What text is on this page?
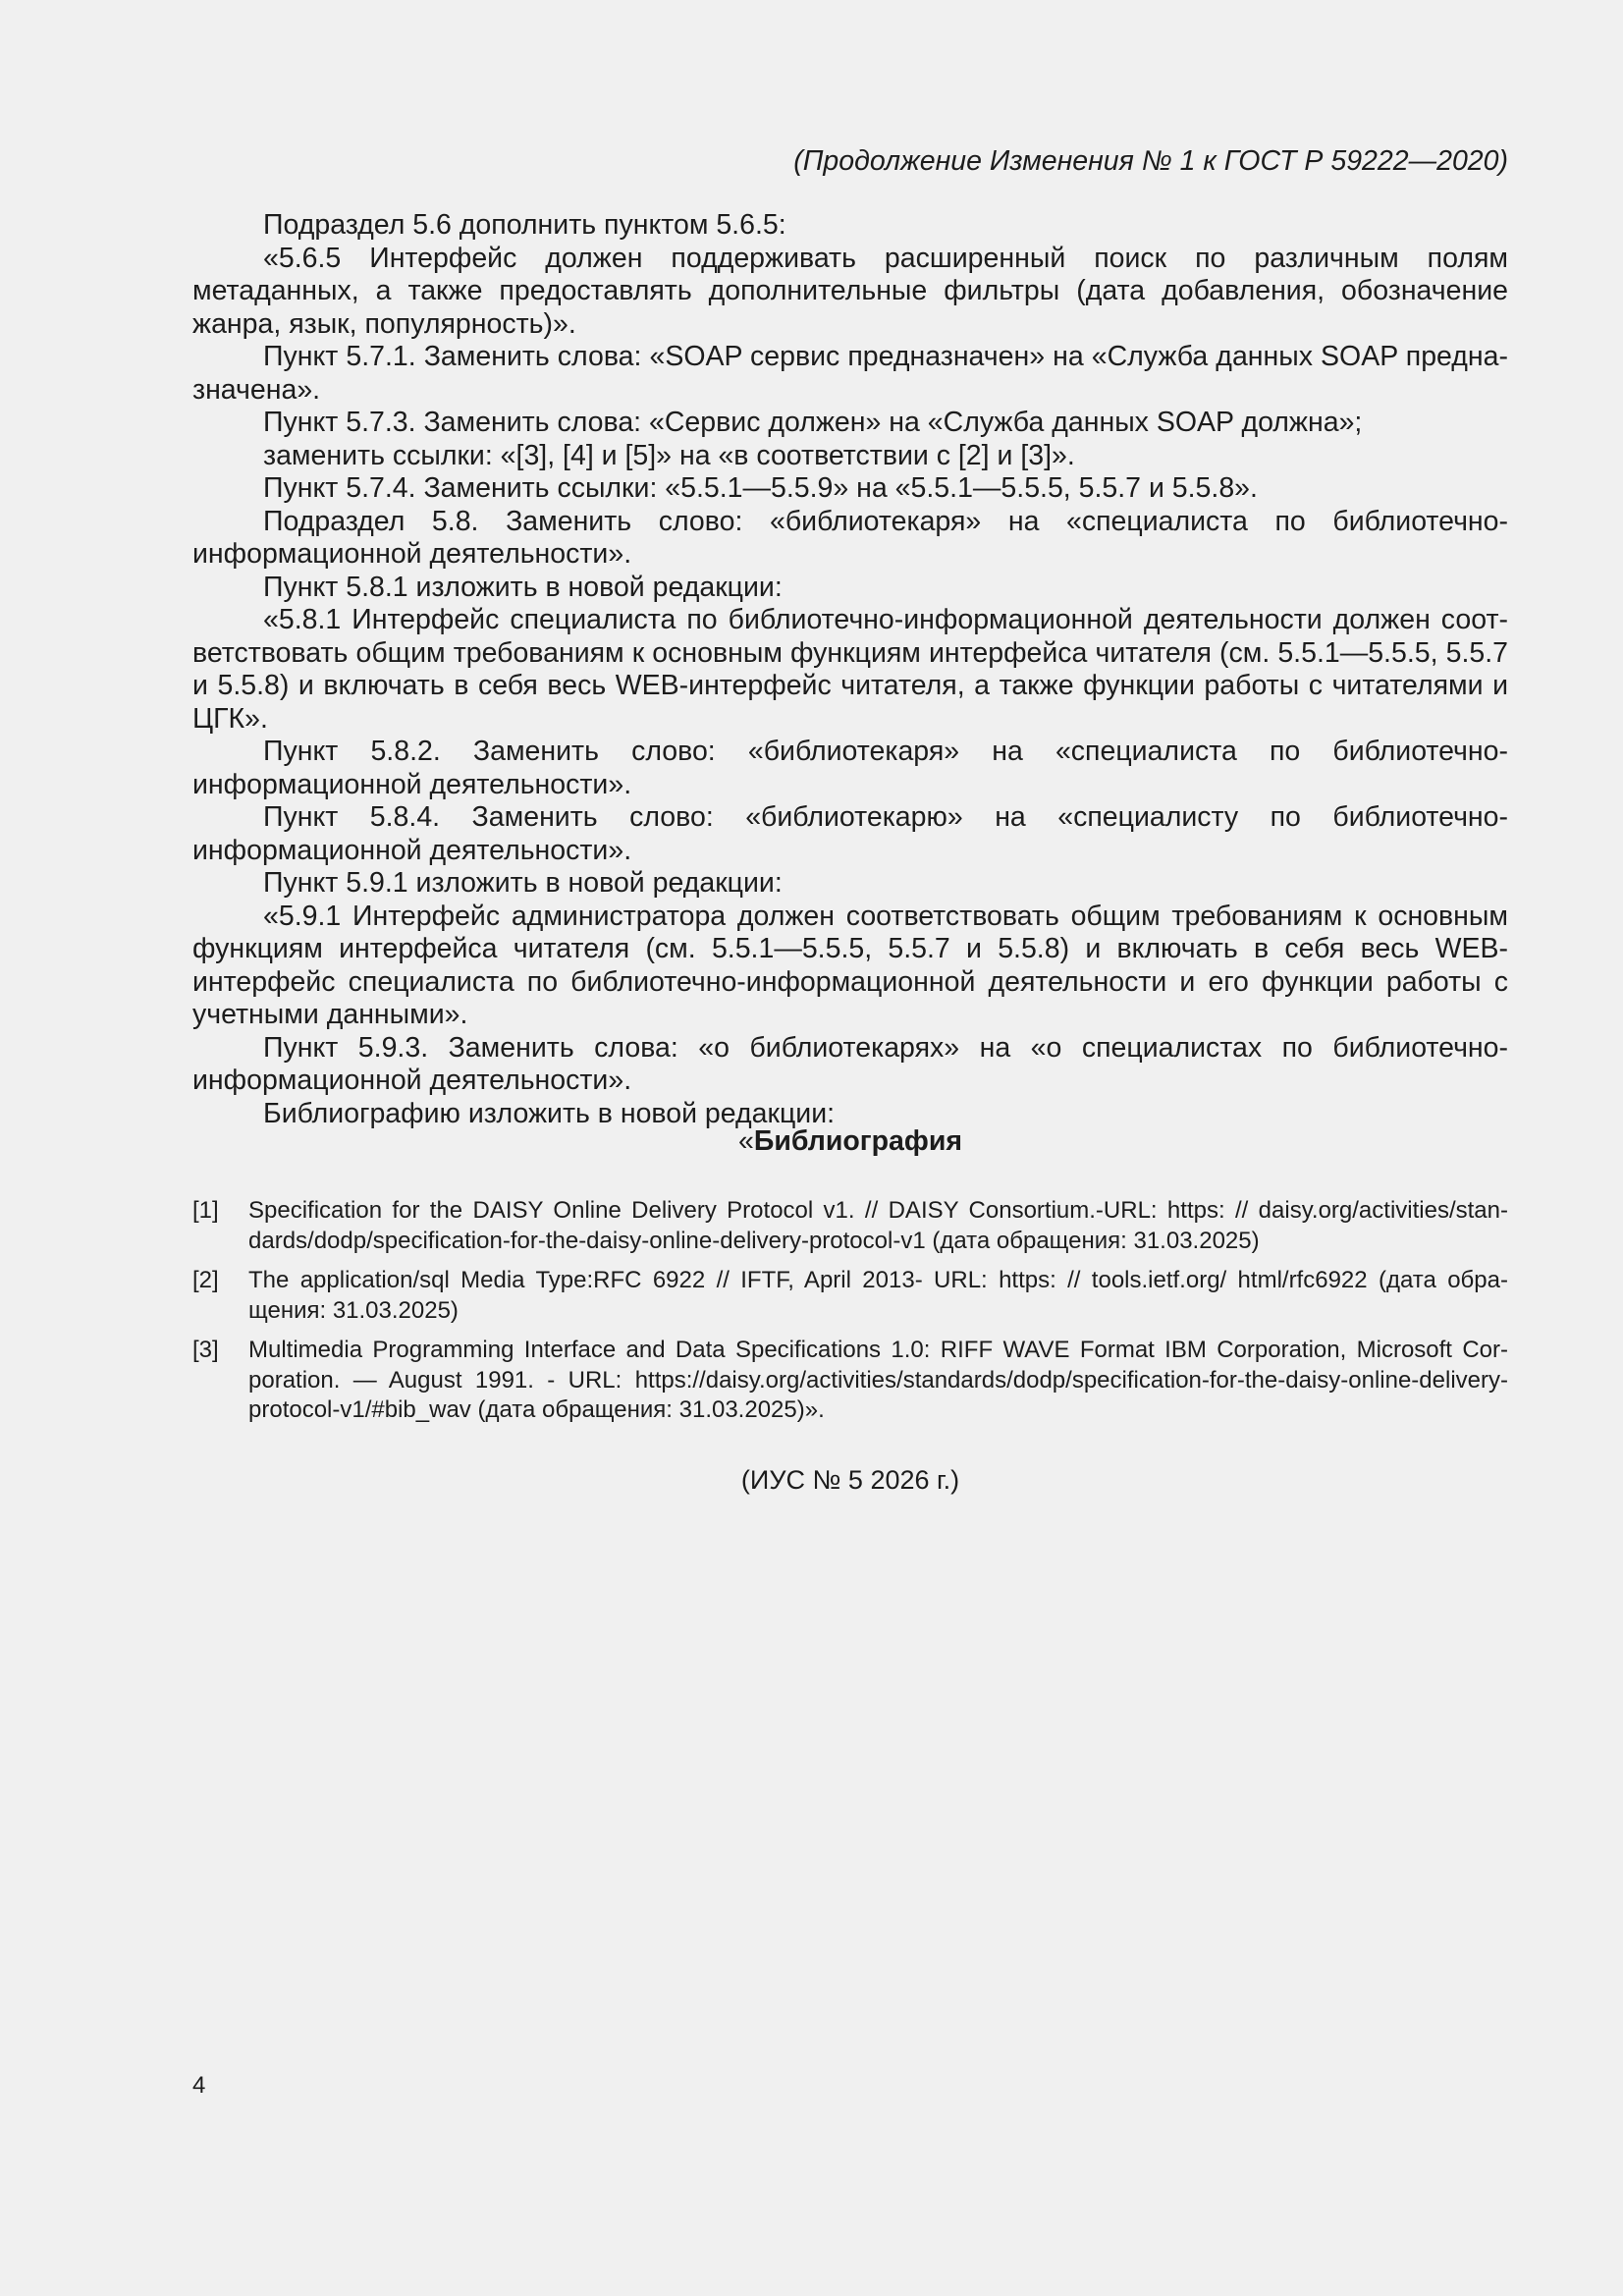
(Продолжение Изменения № 1 к ГОСТ Р 59222—2020)

Подраздел 5.6 дополнить пунктом 5.6.5:

«5.6.5 Интерфейс должен поддерживать расширенный поиск по различным полям метаданных, а также предоставлять дополнительные фильтры (дата добавления, обозначение жанра, язык, популярность)».

Пункт 5.7.1. Заменить слова: «SOAP сервис предназначен» на «Служба данных SOAP предназначена».

Пункт 5.7.3. Заменить слова: «Сервис должен» на «Служба данных SOAP должна»;

заменить ссылки: «[3], [4] и [5]» на «в соответствии с [2] и [3]».

Пункт 5.7.4. Заменить ссылки: «5.5.1—5.5.9» на «5.5.1—5.5.5, 5.5.7 и 5.5.8».

Подраздел 5.8. Заменить слово: «библиотекаря» на «специалиста по библиотечно-информационной деятельности».

Пункт 5.8.1 изложить в новой редакции:

«5.8.1 Интерфейс специалиста по библиотечно-информационной деятельности должен соответствовать общим требованиям к основным функциям интерфейса читателя (см. 5.5.1—5.5.5, 5.5.7 и 5.5.8) и включать в себя весь WEB-интерфейс читателя, а также функции работы с читателями и ЦГК».

Пункт 5.8.2. Заменить слово: «библиотекаря» на «специалиста по библиотечно-информационной деятельности».

Пункт 5.8.4. Заменить слово: «библиотекарю» на «специалисту по библиотечно-информационной деятельности».

Пункт 5.9.1 изложить в новой редакции:

«5.9.1 Интерфейс администратора должен соответствовать общим требованиям к основным функциям интерфейса читателя (см. 5.5.1—5.5.5, 5.5.7 и 5.5.8) и включать в себя весь WEB-интерфейс специалиста по библиотечно-информационной деятельности и его функции работы с учетными данными».

Пункт 5.9.3. Заменить слова: «о библиотекарях» на «о специалистах по библиотечно-информационной деятельности».

Библиографию изложить в новой редакции:

«Библиография
[1] Specification for the DAISY Online Delivery Protocol v1. // DAISY Consortium.-URL: https: // daisy.org/activities/standards/dodp/specification-for-the-daisy-online-delivery-protocol-v1 (дата обращения: 31.03.2025)
[2] The application/sql Media Type:RFC 6922 // IFTF, April 2013- URL: https: // tools.ietf.org/ html/rfc6922 (дата обращения: 31.03.2025)
[3] Multimedia Programming Interface and Data Specifications 1.0: RIFF WAVE Format IBM Corporation, Microsoft Corporation. — August 1991. - URL: https://daisy.org/activities/standards/dodp/specification-for-the-daisy-online-delivery-protocol-v1/#bib_wav (дата обращения: 31.03.2025)».
(ИУС № 5 2026 г.)
4
